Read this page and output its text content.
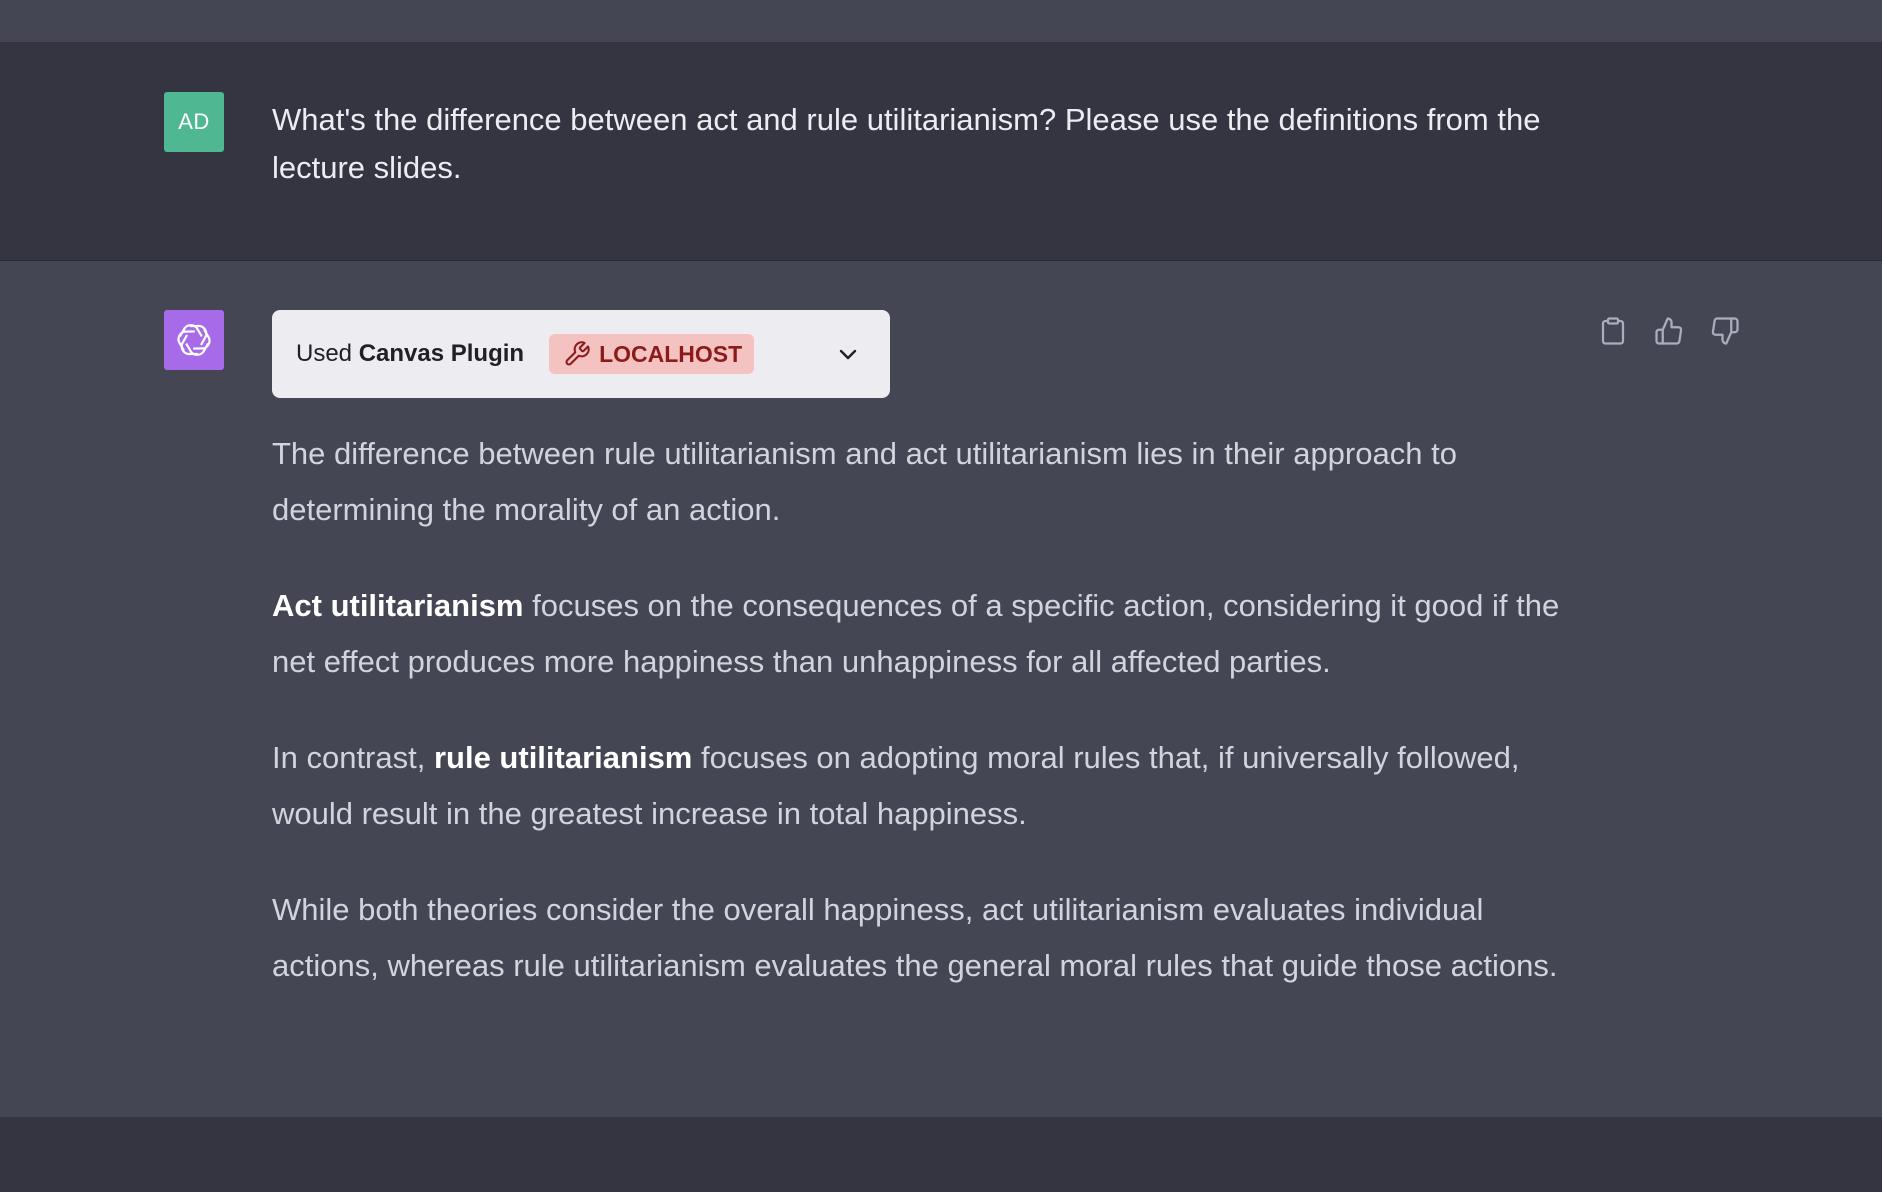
AD What's the difference between act and rule utilitarianism? Please use the definitions from the lecture slides.
Used Canvas Plugin	LOCALHOST

The difference between rule utilitarianism and act utilitarianism lies in their approach to determining the morality of an action.

Act utilitarianism focuses on the consequences of a specific action, considering it good if the net effect produces more happiness than unhappiness for all affected parties.

In contrast, rule utilitarianism focuses on adopting moral rules that, if universally followed, would result in the greatest increase in total happiness.

While both theories consider the overall happiness, act utilitarianism evaluates individual actions, whereas rule utilitarianism evaluates the general moral rules that guide those actions.
